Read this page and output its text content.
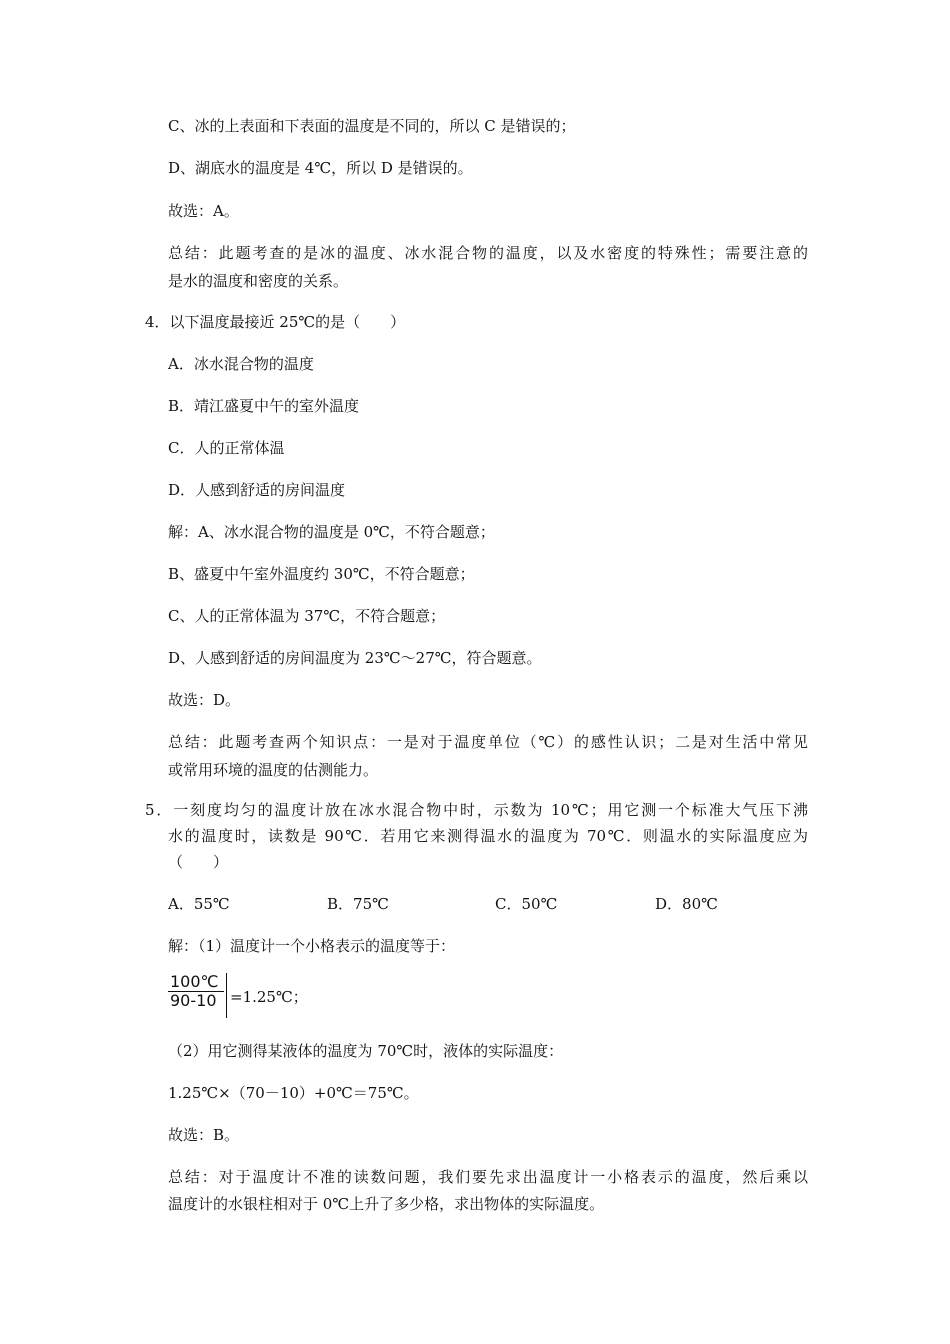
C、冰的上表面和下表面的温度是不同的，所以 C 是错误的；
D、湖底水的温度是 4℃，所以 D 是错误的。
故选：A。
总结：此题考查的是冰的温度、冰水混合物的温度，以及水密度的特殊性；需要注意的
是水的温度和密度的关系。
4．以下温度最接近 25℃的是（　　）
A．冰水混合物的温度
B．靖江盛夏中午的室外温度
C．人的正常体温
D．人感到舒适的房间温度
解：A、冰水混合物的温度是 0℃，不符合题意；
B、盛夏中午室外温度约 30℃，不符合题意；
C、人的正常体温为 37℃，不符合题意；
D、人感到舒适的房间温度为 23℃～27℃，符合题意。
故选：D。
总结：此题考查两个知识点：一是对于温度单位（℃）的感性认识；二是对生活中常见
或常用环境的温度的估测能力。
5．一刻度均匀的温度计放在冰水混合物中时，示数为 10℃；用它测一个标准大气压下沸
水的温度时，读数是 90℃．若用它来测得温水的温度为 70℃．则温水的实际温度应为
（　　）
A．55℃	B．75℃	C．50℃	D．80℃
解：（1）温度计一个小格表示的温度等于：
100℃
90-10 =1.25℃；
（2）用它测得某液体的温度为 70℃时，液体的实际温度：
1.25℃×（70－10）+0℃＝75℃。
故选：B。
总结：对于温度计不准的读数问题，我们要先求出温度计一小格表示的温度，然后乘以
温度计的水银柱相对于 0℃上升了多少格，求出物体的实际温度。
